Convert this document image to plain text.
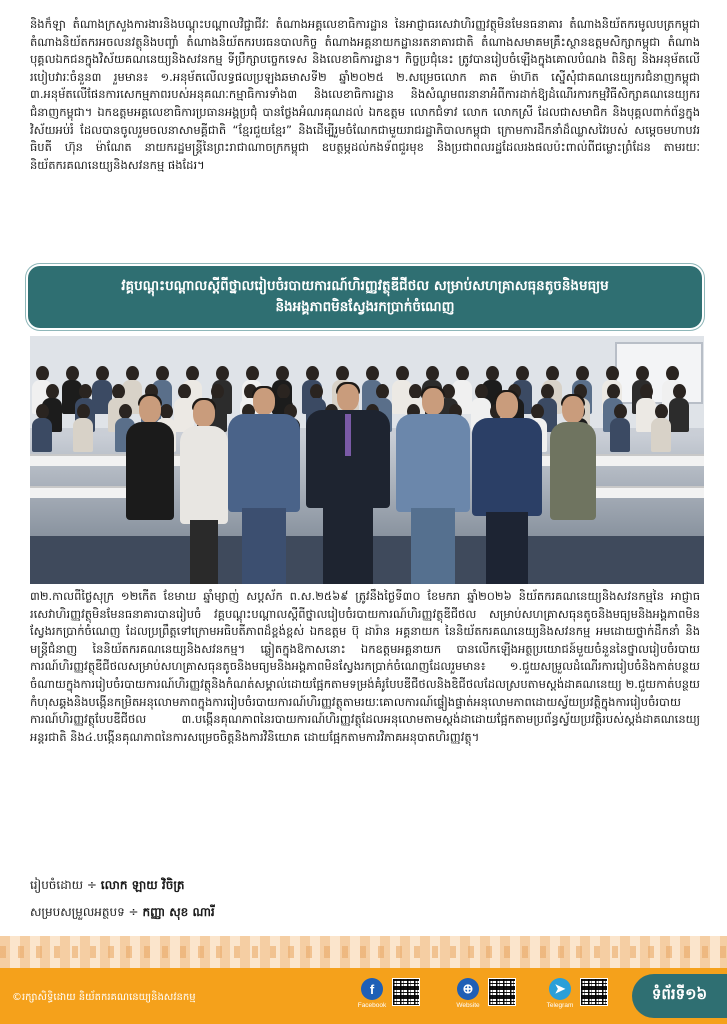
និងក៏ឡា តំណាងក្រសួងការងារនិងបណ្តុះបណ្តាលវិជ្ជាជីវៈ តំណាងអគ្គលេខាធិការដ្ឋាន នៃអាជ្ញាធរសេវាហិរញ្ញវត្ថុមិនមែនធនាគារ តំណាងនិយ័តករមូលបត្រកម្ពុជា តំណាងនិយ័តករអចលនវត្ថុនិងបញ្ចាំ តំណាងនិយ័តករបរធនបាលកិច្ច តំណាងអគ្គនាយកដ្ឋានរតនាគារជាតិ តំណាងសមាគមគ្រឹះស្ថានឧត្តមសិក្សាកម្ពុជា តំណាងបុគ្គលឯកជនក្នុងវិស័យគណនេយ្យនិងសវនកម្ម ទីប្រឹក្សាបច្ចេកទេស និងលេខាធិការដ្ឋាន។ កិច្ចប្រជុំនេះ ត្រូវបានរៀបចំឡើងក្នុងគោលបំណង ពិនិត្យ និងអនុម័តលើរបៀបវារៈចំនួន៣ រួមមាន៖ ១.អនុម័តលើលទ្ធផលប្រឡងឆមាសទី២ ឆ្នាំ២០២៥ ២.សម្រេចលោក គាត ម៉ាហ៊ត ស្នើសុំជាគណនេយ្យករជំនាញកម្ពុជា ៣.អនុម័តលើផែនការសេកម្មភាពរបស់អនុគណៈកម្មាធិការទាំង៣ និងលេខាធិការដ្ឋាន និងសំណូមពរនានាអំពីការដាក់ឱ្យដំណើរការកម្មវិធីសិក្សាគណនេយ្យករជំនាញកម្ពុជា។ ឯកឧត្តមអគ្គលេខាធិការប្រធានអង្គប្រជុំ បានថ្លែងអំណរគុណដល់ ឯកឧត្តម លោកជំទាវ លោក លោកស្រី ដែលជាសមាជិក និងបុគ្គលពាក់ព័ន្ធក្នុងវិស័យអប់រំ ដែលបានចូលរួមចលនាសាមគ្គីជាតិ “ខ្មែរជួយខ្មែរ” និងដើម្បីរួមចំណែកជាមួយរាជរដ្ឋាភិបាលកម្ពុជា ក្រោមការដឹកនាំដ៏ឈ្លាសវៃរបស់ សម្តេចមហាបវរធិបតី ហ៊ុន ម៉ាណែត នាយករដ្ឋមន្ត្រីនៃព្រះរាជាណាចក្រកម្ពុជា ឧបត្ថម្ភដល់កងទ័ពជួរមុខ និងប្រជាពលរដ្ឋដែលរងផលប៉ះពាល់ពីជម្លោះព្រំដែន តាមរយៈនិយ័តករគណនេយ្យនិងសវនកម្ម ផងដែរ។

វគ្គបណ្តុះបណ្តាលស្តីពីថ្នាលរៀបចំរបាយការណ៍ហិរញ្ញវត្ថុឌីជីថល សម្រាប់សហគ្រាសធុនតូចនិងមធ្យម
និងអង្គភាពមិនស្វែងរកប្រាក់ចំណេញ

៣២.កាលពីថ្ងៃសុក្រ ១២កើត ខែមាឃ ឆ្នាំម្សាញ់ សប្តស័ក ព.ស.២៥៦៩ ត្រូវនឹងថ្ងៃទី៣០ ខែមករា ឆ្នាំ២០២៦ និយ័តករគណនេយ្យនិងសវនកម្មនៃ អាជ្ញាធរសេវាហិរញ្ញវត្ថុមិនមែនធនាគារបានរៀបចំ វគ្គបណ្តុះបណ្តាលស្តីពីថ្នាលរៀបចំរបាយការណ៍ហិរញ្ញវត្ថុឌីជីថល សម្រាប់សហគ្រាសធុនតូចនិងមធ្យមនិងអង្គភាពមិនស្វែងរកប្រាក់ចំណេញ ដែលប្រព្រឹត្តទៅក្រោមអធិបតីភាពដ៏ខ្ពង់ខ្ពស់ ឯកឧត្តម ប៊ុ ដារ៉ាន អគ្គនាយក នៃនិយ័តករគណនេយ្យនិងសវនកម្ម អមដោយថ្នាក់ដឹកនាំ និងមន្ត្រីជំនាញ នៃនិយ័តករគណនេយ្យនិងសវនកម្ម។ ឆ្លៀតក្នុងឱកាសនោះ ឯកឧត្តមអគ្គនាយក បានលើកឡើងអត្ថប្រយោជន៍មួយចំនួននៃថ្នាលរៀបចំរបាយការណ៍ហិរញ្ញវត្ថុឌីជីថលសម្រាប់សហគ្រាសធុនតូចនិងមធ្យមនិងអង្គភាពមិនស្វែងរកប្រាក់ចំណេញដែលរួមមាន៖ ១.ជួយសម្រួលដំណើរការរៀបចំនិងកាត់បន្ថយចំណាយក្នុងការរៀបចំរបាយការណ៍ហិរញ្ញវត្ថុនិងកំណត់សម្គាល់ដោយផ្អែកតាមទម្រង់គំរូបែបឌីជីថលនិងឌិជីថលដែលស្របតាមស្តង់ដាគណនេយ្យ ២.ជួយកាត់បន្ថយកំហុសឆ្គងនិងបង្កើនកម្រិតអនុលោមភាពក្នុងការរៀបចំរបាយការណ៍ហិរញ្ញវត្ថុតាមរយៈគោលការណ៍ផ្ទៀងផ្ទាត់អនុលោមភាពដោយស្វ័យប្រវត្តិក្នុងការរៀបចំរបាយការណ៍ហិរញ្ញវត្ថុបែបឌីជីថល ៣.បង្កើនគុណភាពនៃរបាយការណ៍ហិរញ្ញវត្ថុដែលអនុលោមតាមស្តង់ដាដោយផ្អែកតាមប្រព័ន្ធស្វ័យប្រវត្តិរបស់ស្តង់ដាគណនេយ្យអន្តរជាតិ និង៤.បង្កើនគុណភាពនៃការសម្រេចចិត្តនិងការវិនិយោគ ដោយផ្អែកតាមការវិភាគអនុបាតហិរញ្ញវត្ថុ។

រៀបចំដោយ ÷ លោក ឡាយ វិចិត្រ

សម្របសម្រួលអត្ថបទ ÷ កញ្ញា សុខ ណារី

©រក្សាសិទ្ធិដោយ និយ័តករគណនេយ្យនិងសវនកម្ម
f
Facebook
⊕
Website
➤
Telegram
ទំព័រទី១៦
